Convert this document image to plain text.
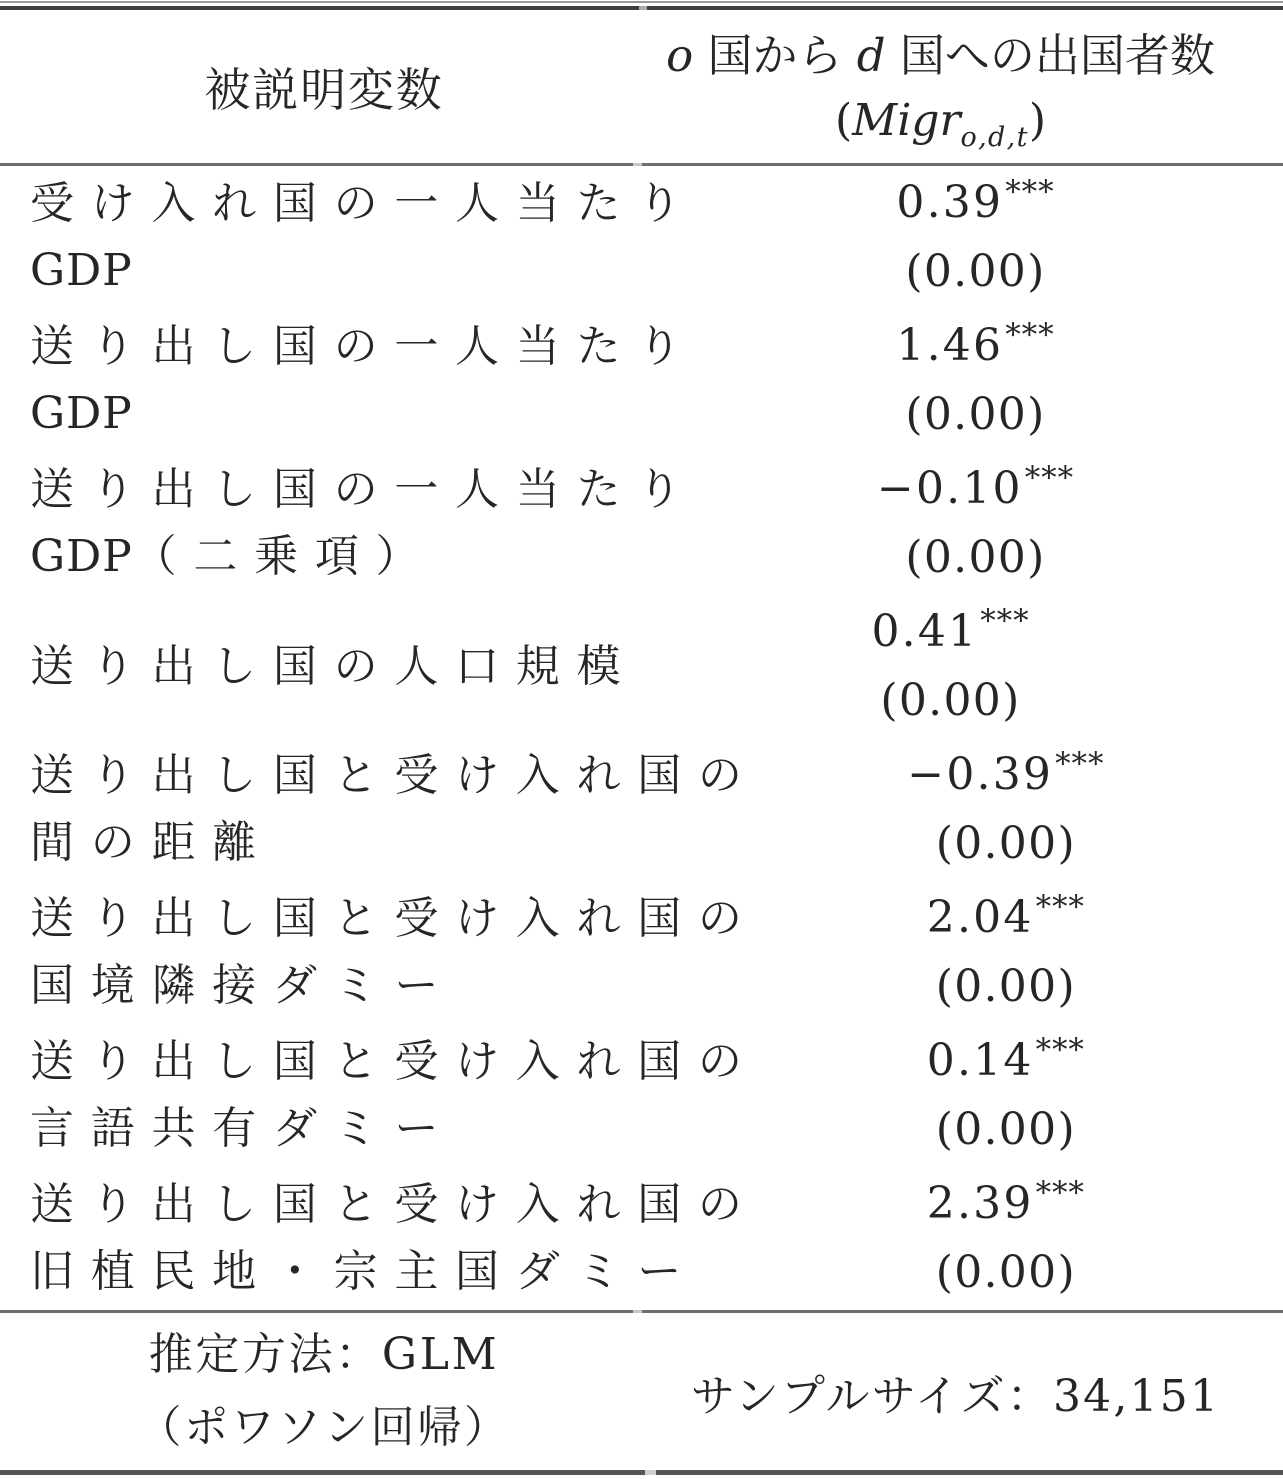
被説明変数
o 国から d 国への出国者数
(Migr$_{o,d,t}$)
受け入れ国の一人当たり
GDP
0.39***
(0.00)
送り出し国の一人当たり
GDP
1.46***
(0.00)
送り出し国の一人当たり
GDP（二乗項）
−0.10***
(0.00)
送り出し国の人口規模
0.41***
(0.00)
送り出し国と受け入れ国の
間の距離
−0.39***
(0.00)
送り出し国と受け入れ国の
国境隣接ダミー
2.04***
(0.00)
送り出し国と受け入れ国の
言語共有ダミー
0.14***
(0.00)
送り出し国と受け入れ国の
旧植民地・宗主国ダミー
2.39***
(0.00)
推定方法：GLM
（ポワソン回帰）
サンプルサイズ：34,151
